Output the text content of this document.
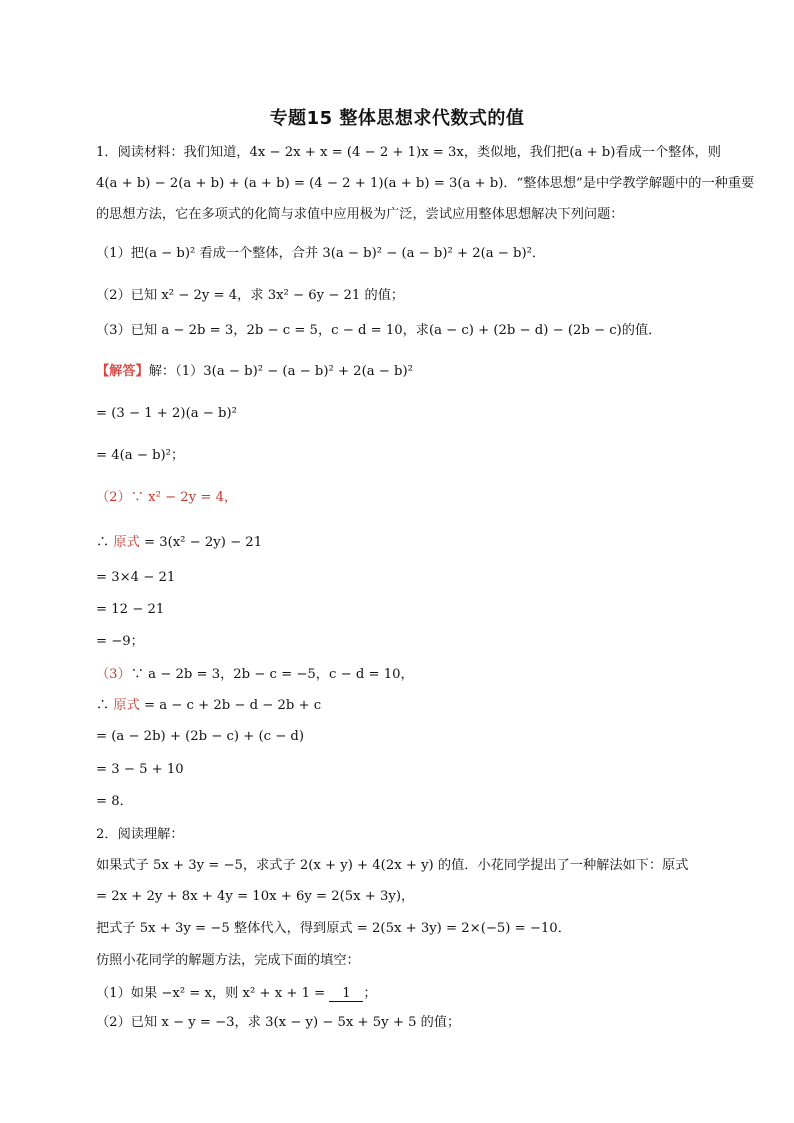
专题15 整体思想求代数式的值
1．阅读材料：我们知道，4x − 2x + x = (4 − 2 + 1)x = 3x，类似地，我们把(a + b)看成一个整体，则
4(a + b) − 2(a + b) + (a + b) = (4 − 2 + 1)(a + b) = 3(a + b)．“整体思想”是中学教学解题中的一种重要
的思想方法，它在多项式的化简与求值中应用极为广泛，尝试应用整体思想解决下列问题：
（1）把(a − b)² 看成一个整体，合并 3(a − b)² − (a − b)² + 2(a − b)²．
（2）已知 x² − 2y = 4，求 3x² − 6y − 21 的值；
（3）已知 a − 2b = 3，2b − c = 5，c − d = 10，求(a − c) + (2b − d) − (2b − c)的值．
【解答】解：（1）3(a − b)² − (a − b)² + 2(a − b)²
= (3 − 1 + 2)(a − b)²
= 4(a − b)²；
（2）∵ x² − 2y = 4，
∴ 原式 = 3(x² − 2y) − 21
= 3×4 − 21
= 12 − 21
= −9；
（3）∵ a − 2b = 3，2b − c = −5，c − d = 10，
∴ 原式 = a − c + 2b − d − 2b + c
= (a − 2b) + (2b − c) + (c − d)
= 3 − 5 + 10
= 8．
2．阅读理解：
如果式子 5x + 3y = −5，求式子 2(x + y) + 4(2x + y) 的值．小花同学提出了一种解法如下：原式
= 2x + 2y + 8x + 4y = 10x + 6y = 2(5x + 3y)，
把式子 5x + 3y = −5 整体代入，得到原式 = 2(5x + 3y) = 2×(−5) = −10．
仿照小花同学的解题方法，完成下面的填空：
（1）如果 −x² = x，则 x² + x + 1 = 1 ；
（2）已知 x − y = −3，求 3(x − y) − 5x + 5y + 5 的值；
